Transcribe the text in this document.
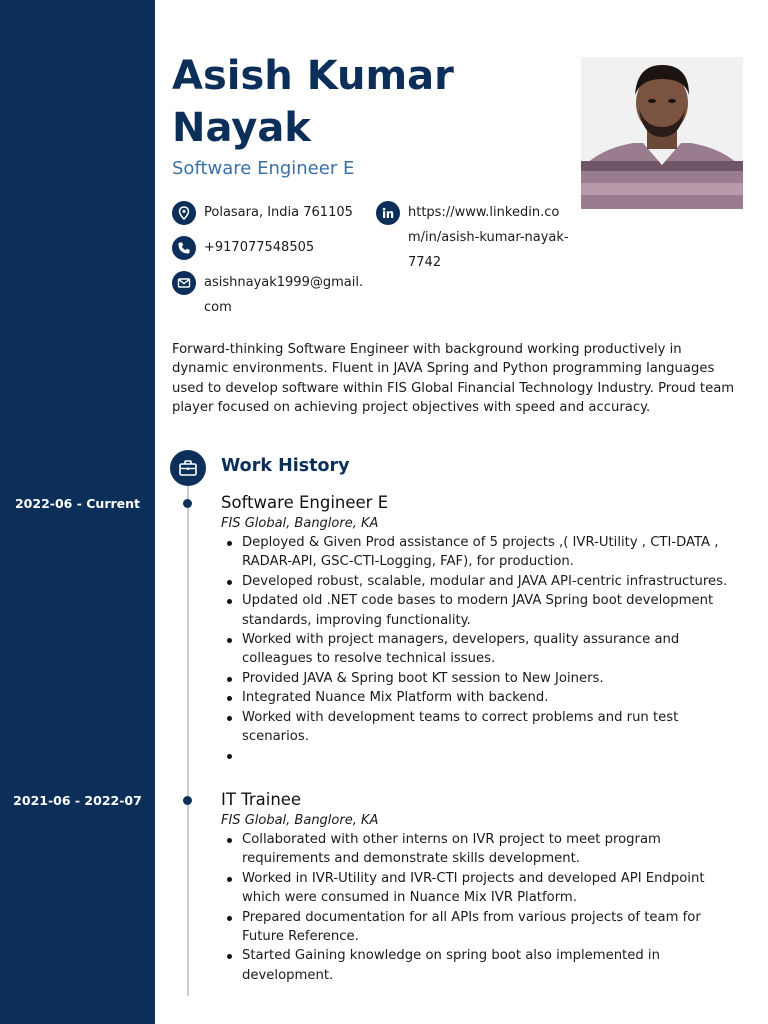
2022-06 - Current
2021-06 - 2022-07
Asish Kumar Nayak
Software Engineer E
Polasara, India 761105
+917077548505
asishnayak1999@gmail.com
https://www.linkedin.com/in/asish-kumar-nayak-7742

Forward-thinking Software Engineer with background working productively in dynamic environments. Fluent in JAVA Spring and Python programming languages used to develop software within FIS Global Financial Technology Industry. Proud team player focused on achieving project objectives with speed and accuracy.

Work History
Software Engineer E
FIS Global, Banglore, KA
Deployed & Given Prod assistance of 5 projects ,( IVR-Utility , CTI-DATA , RADAR-API, GSC-CTI-Logging, FAF), for production.
Developed robust, scalable, modular and JAVA API-centric infrastructures.
Updated old .NET code bases to modern JAVA Spring boot development standards, improving functionality.
Worked with project managers, developers, quality assurance and colleagues to resolve technical issues.
Provided JAVA & Spring boot KT session to New Joiners.
Integrated Nuance Mix Platform with backend.
Worked with development teams to correct problems and run test scenarios.
IT Trainee
FIS Global, Banglore, KA
Collaborated with other interns on IVR project to meet program requirements and demonstrate skills development.
Worked in IVR-Utility and IVR-CTI projects and developed API Endpoint which were consumed in Nuance Mix IVR Platform.
Prepared documentation for all APIs from various projects of team for Future Reference.
Started Gaining knowledge on spring boot also implemented in development.
